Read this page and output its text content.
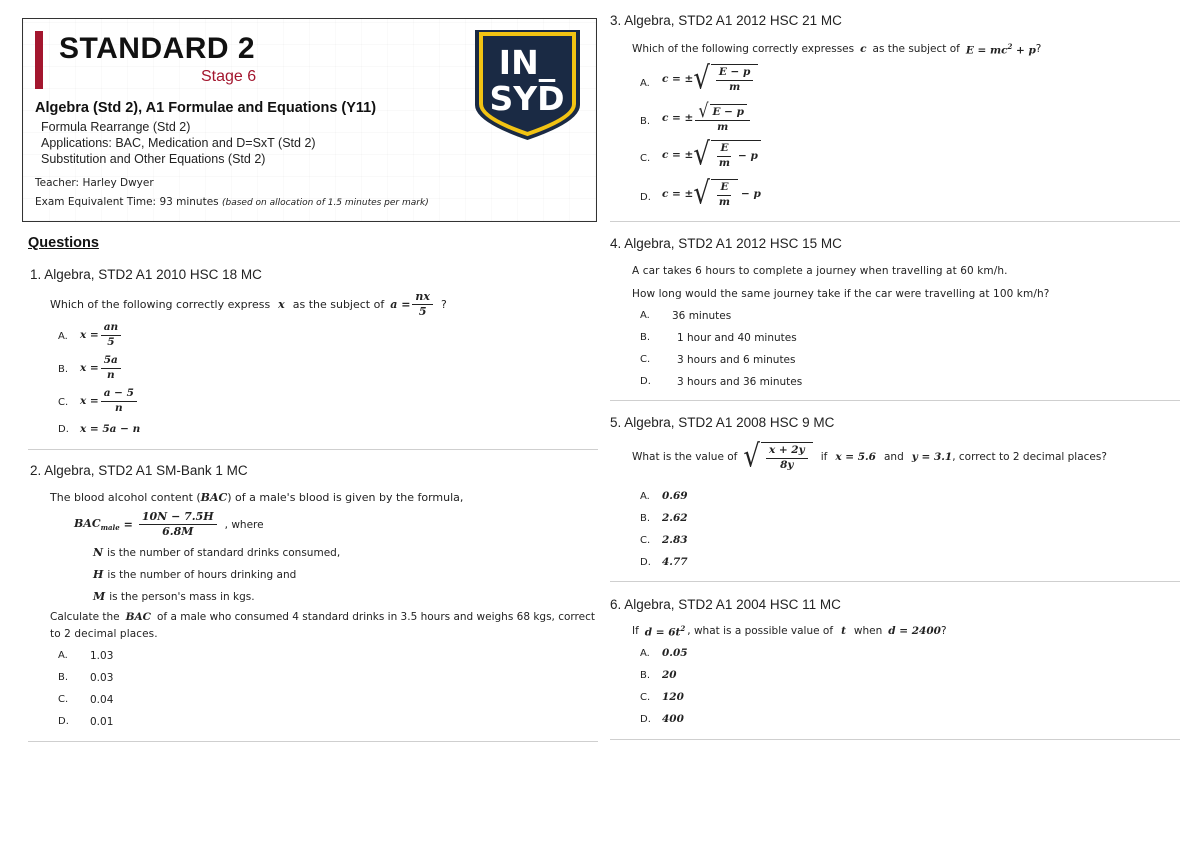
STANDARD 2
Stage 6
Algebra (Std 2), A1 Formulae and Equations (Y11)
Formula Rearrange (Std 2)
Applications: BAC, Medication and D=SxT (Std 2)
Substitution and Other Equations (Std 2)
Teacher: Harley Dwyer
Exam Equivalent Time: 93 minutes (based on allocation of 1.5 minutes per mark)
IN_
SYD
Questions
1. Algebra, STD2 A1 2010 HSC 18 MC
Which of the following correctly express x as the subject of $a = \frac{nx}{5}$ ?
A. $x = \frac{an}{5}$
B. $x = \frac{5a}{n}$
C. $x = \frac{a - 5}{n}$
D. x = 5a − n
2. Algebra, STD2 A1 SM-Bank 1 MC
The blood alcohol content ( BAC ) of a male's blood is given by the formula,
$BAC_{male} = \frac{10N - 7.5H}{6.8M}$ , where
N is the number of standard drinks consumed,
H is the number of hours drinking and
M is the person's mass in kgs.
Calculate the BAC of a male who consumed 4 standard drinks in 3.5 hours and weighs 68 kgs, correct
to 2 decimal places.
A. 1.03
B. 0.03
C. 0.04
D. 0.01
3. Algebra, STD2 A1 2012 HSC 21 MC
Which of the following correctly expresses c as the subject of $E = mc^2 + p$ ?
A. c = ± √ $\frac{E - p}{m}$
B. c = ± $\frac{√ E - p}{m}$
C. c = ± √ $\frac{E}{m} - p$
D. c = ± √ $\frac{E}{m} - p$
4. Algebra, STD2 A1 2012 HSC 15 MC
A car takes 6 hours to complete a journey when travelling at 60 km/h.
How long would the same journey take if the car were travelling at 100 km/h?
A. 36 minutes
B.	1 hour and 40 minutes
C.	3 hours and 6 minutes
D. 3 hours and 36 minutes
5. Algebra, STD2 A1 2008 HSC 9 MC
What is the value of √ $\frac{x + 2y}{8y}$ if x = 5.6 and y = 3.1 , correct to 2 decimal places?
A. 0.69
B. 2.62
C. 2.83
D. 4.77
6. Algebra, STD2 A1 2004 HSC 11 MC
If $d = 6t^2$ , what is a possible value of t when d = 2400 ?
A. 0.05
B. 20
C. 120
D. 400
